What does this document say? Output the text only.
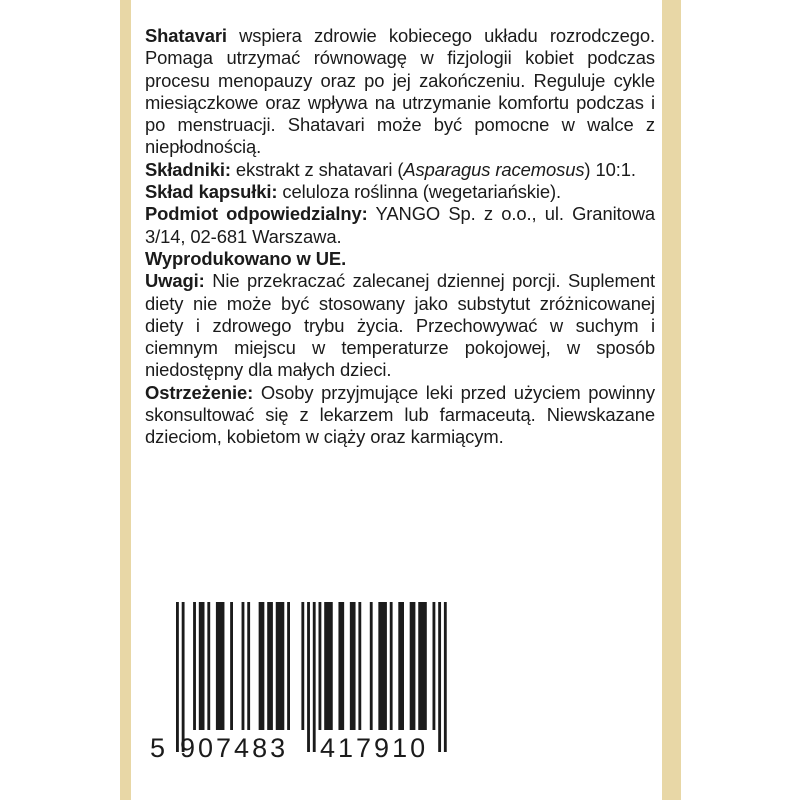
Shatavari wspiera zdrowie kobiecego układu rozrodczego. Pomaga utrzymać równowagę w fizjologii kobiet podczas procesu menopauzy oraz po jej zakończeniu. Reguluje cykle miesiączkowe oraz wpływa na utrzymanie komfortu podczas i po menstruacji. Shatavari może być pomocne w walce z niepłodnością.

Składniki: ekstrakt z shatavari (Asparagus racemosus) 10:1.

Skład kapsułki: celuloza roślinna (wegetariańskie).

Podmiot odpowiedzialny: YANGO Sp. z o.o., ul. Granitowa 3/14, 02-681 Warszawa.

Wyprodukowano w UE.

Uwagi: Nie przekraczać zalecanej dziennej porcji. Suplement diety nie może być stosowany jako substytut zróżnicowanej diety i zdrowego trybu życia. Przechowywać w suchym i ciemnym miejscu w temperaturze pokojowej, w sposób niedostępny dla małych dzieci.

Ostrzeżenie: Osoby przyjmujące leki przed użyciem powinny skonsultować się z lekarzem lub farmaceutą. Niewskazane dzieciom, kobietom w ciąży oraz karmiącym.

5 907483 417910
